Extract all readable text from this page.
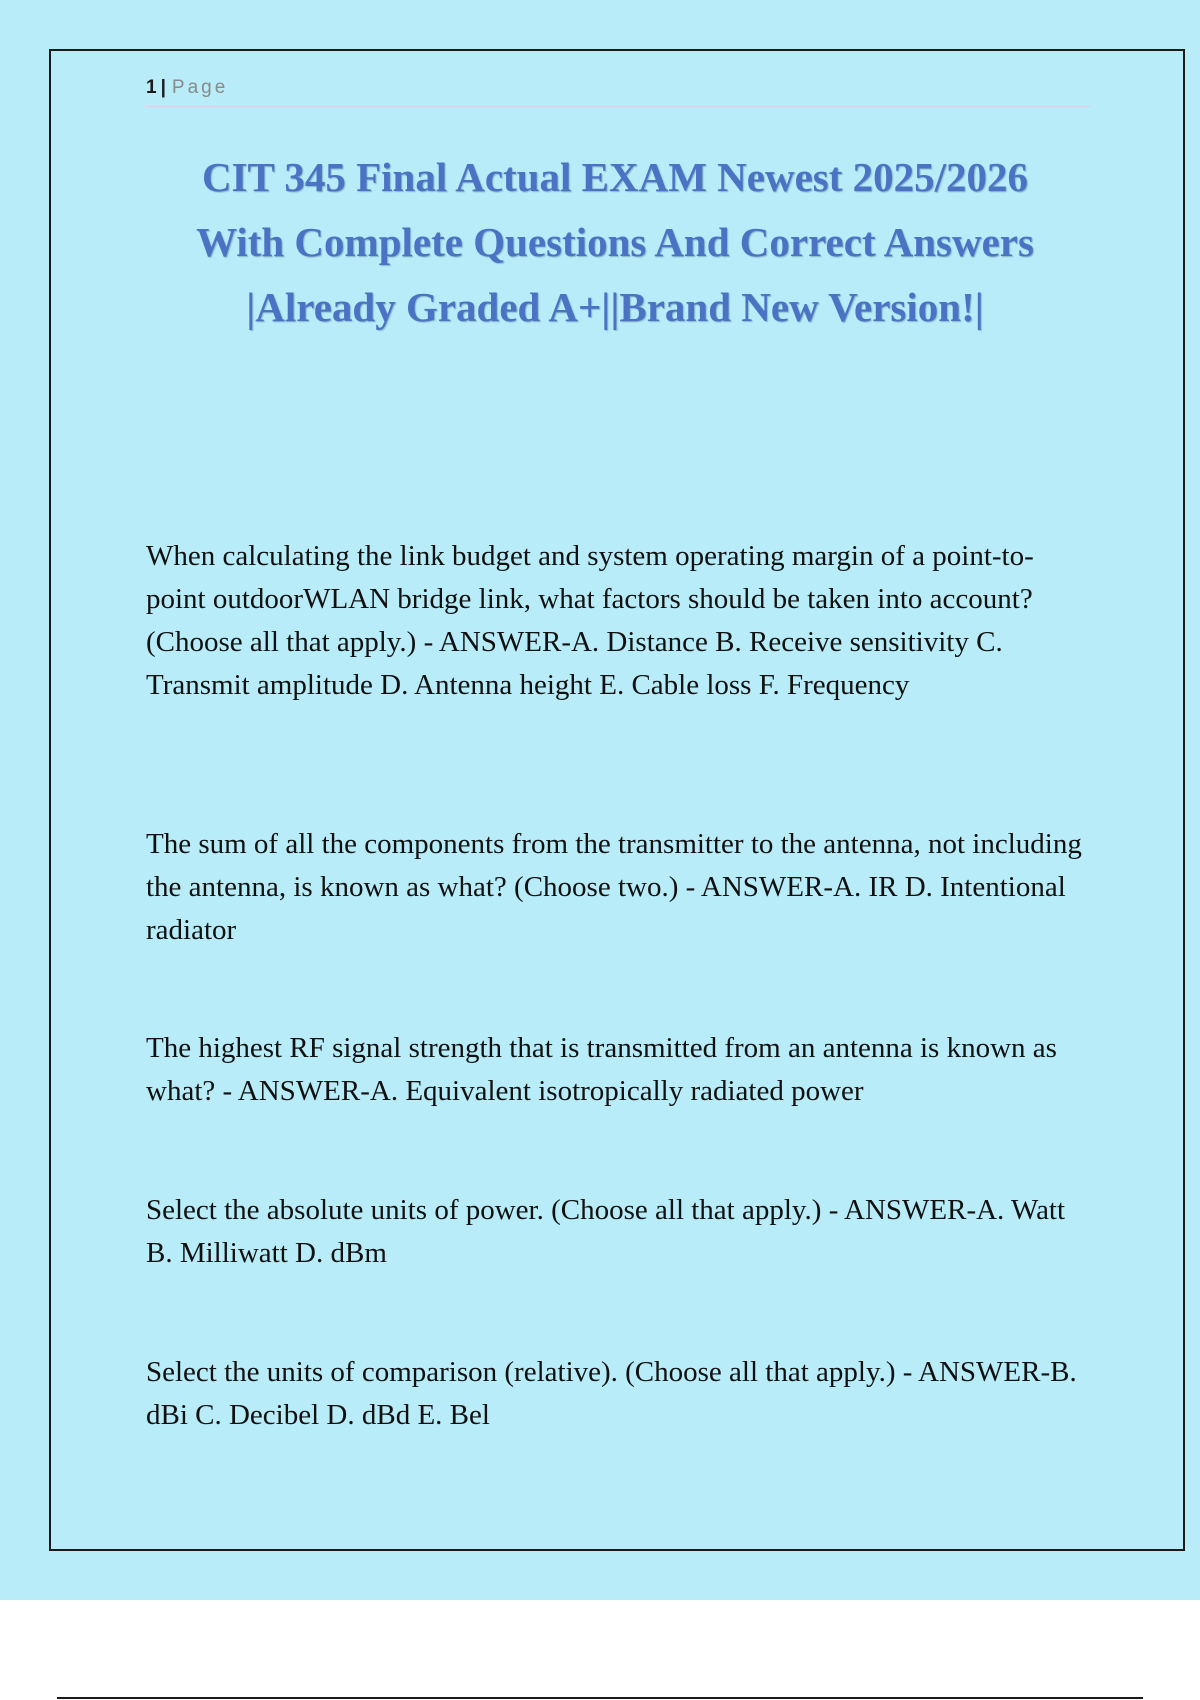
1 | Page
CIT 345 Final Actual EXAM Newest 2025/2026
With Complete Questions And Correct Answers
|Already Graded A+||Brand New Version!|

When calculating the link budget and system operating margin of a point-to-point outdoorWLAN bridge link, what factors should be taken into account? (Choose all that apply.) - ANSWER-A. Distance B. Receive sensitivity C. Transmit amplitude D. Antenna height E. Cable loss F. Frequency

The sum of all the components from the transmitter to the antenna, not including the antenna, is known as what? (Choose two.) - ANSWER-A. IR D. Intentional radiator

The highest RF signal strength that is transmitted from an antenna is known as what? - ANSWER-A. Equivalent isotropically radiated power

Select the absolute units of power. (Choose all that apply.) - ANSWER-A. Watt B. Milliwatt D. dBm

Select the units of comparison (relative). (Choose all that apply.) - ANSWER-B. dBi C. Decibel D. dBd E. Bel
